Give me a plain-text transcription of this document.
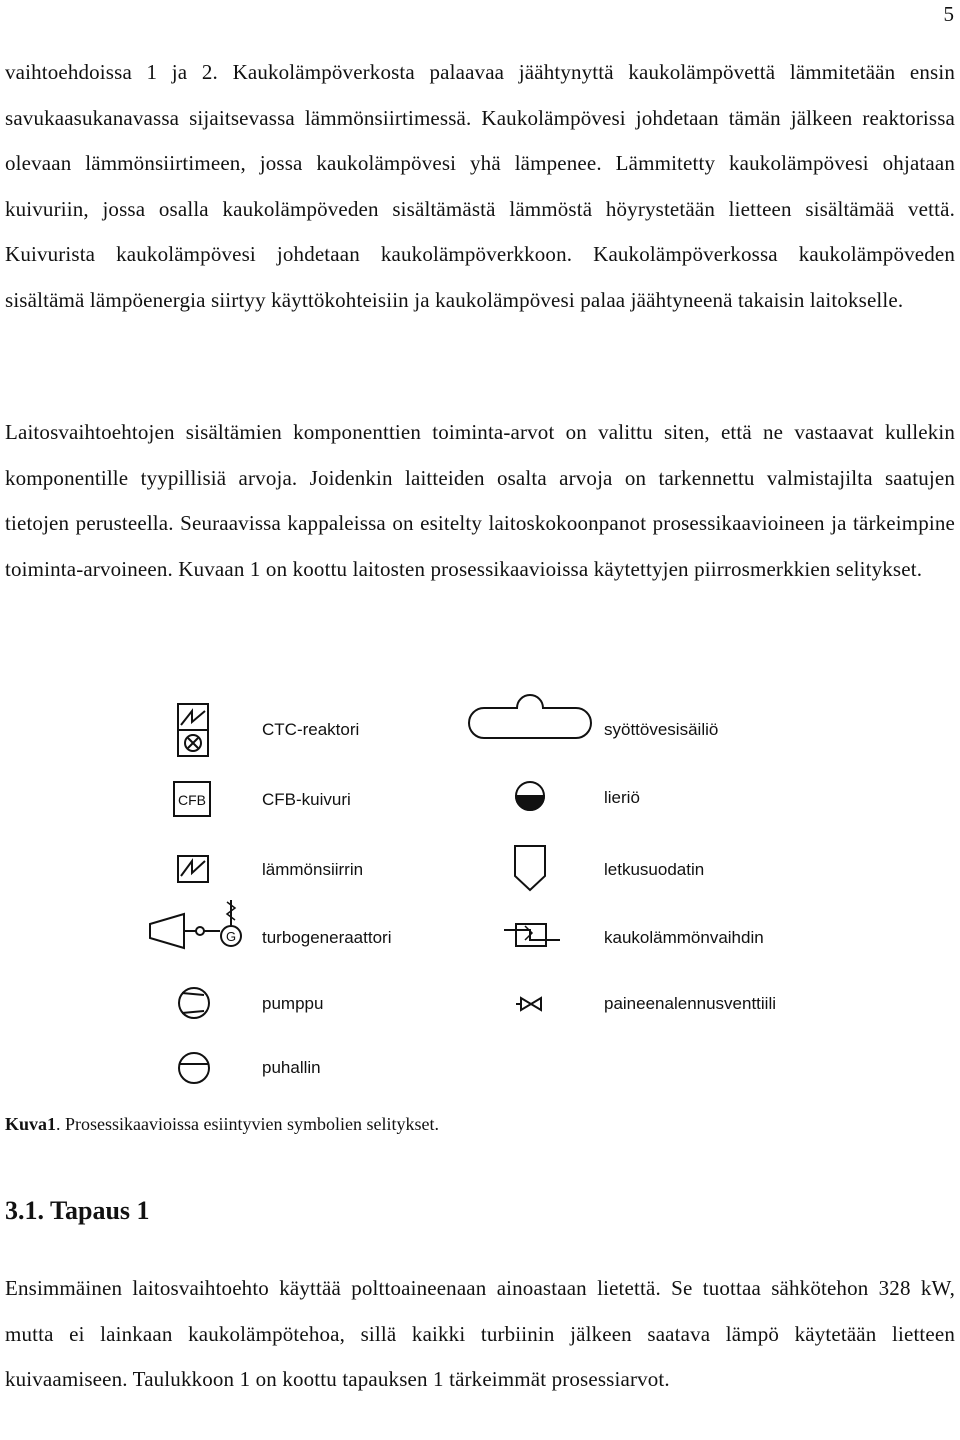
5

vaihtoehdoissa 1 ja 2. Kaukolämpöverkosta palaavaa jäähtynyttä kaukolämpövettä lämmitetään ensin savukaasukanavassa sijaitsevassa lämmönsiirtimessä. Kaukolämpövesi johdetaan tämän jälkeen reaktorissa olevaan lämmönsiirtimeen, jossa kaukolämpövesi yhä lämpenee. Lämmitetty kaukolämpövesi ohjataan kuivuriin, jossa osalla kaukolämpöveden sisältämästä lämmöstä höyrystetään lietteen sisältämää vettä. Kuivurista kaukolämpövesi johdetaan kaukolämpöverkkoon. Kaukolämpöverkossa kaukolämpöveden sisältämä lämpöenergia siirtyy käyttökohteisiin ja kaukolämpövesi palaa jäähtyneenä takaisin laitokselle.

Laitosvaihtoehtojen sisältämien komponenttien toiminta-arvot on valittu siten, että ne vastaavat kullekin komponentille tyypillisiä arvoja. Joidenkin laitteiden osalta arvoja on tarkennettu valmistajilta saatujen tietojen perusteella. Seuraavissa kappaleissa on esitelty laitoskokoonpanot prosessikaavioineen ja tärkeimpine toiminta-arvoineen. Kuvaan 1 on koottu laitosten prosessikaavioissa käytettyjen piirrosmerkkien selitykset.

CFB
G
CTC-reaktori
CFB-kuivuri
lämmönsiirrin
turbogeneraattori
pumppu
puhallin
syöttövesisäiliö
lieriö
letkusuodatin
kaukolämmönvaihdin
paineenalennusventtiili

Kuva1. Prosessikaavioissa esiintyvien symbolien selitykset.

3.1. Tapaus 1

Ensimmäinen laitosvaihtoehto käyttää polttoaineenaan ainoastaan lietettä. Se tuottaa sähkötehon 328 kW, mutta ei lainkaan kaukolämpötehoa, sillä kaikki turbiinin jälkeen saatava lämpö käytetään lietteen kuivaamiseen. Taulukkoon 1 on koottu tapauksen 1 tärkeimmät prosessiarvot.
